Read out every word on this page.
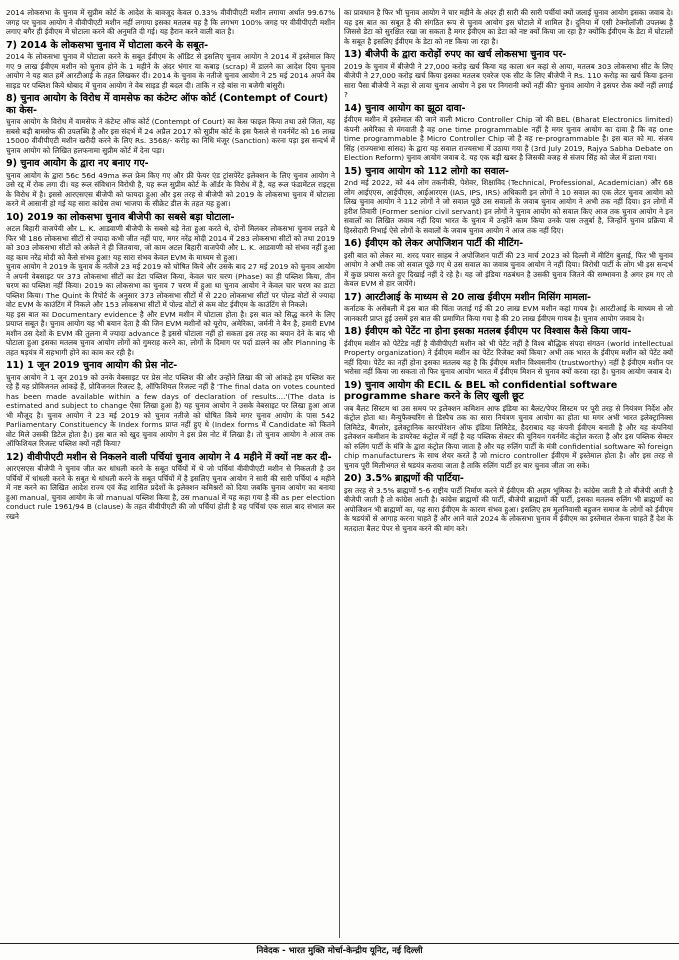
2014 लोकसभा के चुनाव में सुप्रीम कोर्ट के आदेश के बावजूद केवल 0.33% वीवीपीएटी मशीन लगाया अर्थात 99.67% जगह पर चुनाव आयोग ने वीवीपीएटी मशीन नहीं लगाया इसका मतलब यह है कि लगभग 100% जगह पर वीवीपीएटी मशीन लगाए बगैर ही ईवीएम में घोटाला करने की अनुमति दी गई। यह हैरान करने वाली बात है।

7) 2014 के लोकसभा चुनाव में घोटाला करने के सबूत-

2014 के लोकसभा चुनाव में घोटाला करने के सबूत ईवीएम के ऑडिट से इसलिए चुनाव आयोग ने 2014 में इस्तेमाल किए गए 9 लाख ईवीएम मशीन को चुनाव होने के 1 महीने के अंदर भंगार या कबाड़ (scrap) में डालने का आदेश दिया चुनाव आयोग ने यह बात हमें आरटीआई के तहत लिखकर दी। 2014 के चुनाव के नतीजे चुनाव आयोग ने 25 मई 2014 अपने वेब साइड पर पब्लिश किये थोबाद में चुनाव आयोग ने वेब साइड ही बदल दी। ताकि न रहे बांस ना बजेगी बांसुरी।

8) चुनाव आयोग के विरोध में वामसेफ का कंटेम्ट ऑफ कोर्ट (Contempt of Court) का केस-

चुनाव आयोग के विरोध में वामसेफ ने कंटेम्ट ऑफ कोर्ट (Contempt of Court) का केस फाइल किया तथा उसे जिता, यह सबसे बड़ी बामसेफ की उपलब्धि है और इस संदर्भ में 24 अप्रैल 2017 को सुप्रीम कोर्ट के इस फैसले से गवर्नमेंट को 16 लाख 15000 वीवीपीएटी मशीन खरीदी करने के लिए Rs. 3568/- करोड़ का निधि मंजूर (Sanction) करना पड़ा इस सन्दर्भ में चुनाव आयोग को लिखित हलफनामा सुप्रीम कोर्ट में देना पड़ा।

9) चुनाव आयोग के द्वारा नए बनाए गए-

चुनाव आयोग के द्वारा 56c 56d 49ma रूल फ्रेम किए गए और फ्री फेयर एंड ट्रांसपेरेंट इलेक्शन के लिए चुनाव आयोग ने उसे रद्द में रोक लगा दी। यह रूल संविधान विरोधी है, यह रूल सुप्रीम कोर्ट के ऑर्डर के विरोध में है, यह रूल फंडामेंटल राइट्स के विरोध में है। इससे आरएसएस बीजेपी को फायदा हुआ और इस तरह से बीजेपी को 2019 के लोकसभा चुनाव में घोटाला करने में आसानी हो गई यह सारा कांग्रेस तथा भाजपा के सीक्रेट डील के तहत यह हुआ।

10) 2019 का लोकसभा चुनाव बीजेपी का सबसे बड़ा घोटाला-

अटल बिहारी वाजपेयी और L. K. आडवाणी बीजेपी के सबसे बड़े नेता हुआ करते थे, दोनों मिलकर लोकसभा चुनाव लड़ते थे फिर भी 186 लोकसभा सीटों से ज्यादा कभी जीत नहीं पाए, मगर नरेंद्र मोदी 2014 में 283 लोकसभा सीटों को तथा 2019 को 303 लोकसभा सीटों को अकेले ने ही जितवाया, जो काम अटल बिहारी वाजपेयी और L. K. आडवाणी को संभव नहीं हुआ वह काम नरेंद्र मोदी को कैसे संभव हुआ! यह सारा संभव केवल EVM के माध्यम से हुआ।

चुनाव आयोग ने 2019 के चुनाव के नतीजे 23 मई 2019 को घोषित किये और उसके बाद 27 मई 2019 को चुनाव आयोग ने अपनी वेबसाइट पर 373 लोकसभा सीटों का डेटा पब्लिश किया, केवल चार चरण (Phase) का ही पब्लिश किया, तीन चरण का पब्लिश नहीं किया। 2019 का लोकसभा का चुनाव 7 चरण में हुआ था चुनाव आयोग ने केवल चार चरण का डाटा पब्लिश किया। The Quint के रिपोर्ट के अनुसार 373 लोकसभा सीटों में से 220 लोकसभा सीटों पर पोल्ड वोटों से ज्यादा वोट EVM के काउंटिंग में निकले और 153 लोकसभा सीटों में पोल्ड वोटों से कम वोट ईवीएम के काउंटिंग से निकले।

यह इस बात का Documentary evidence है और EVM मशीन में घोटाला होता है। इस बात को सिद्ध करने के लिए प्रयाप्त सबूत है। चुनाव आयोग यह भी बयान देता है की जिन EVM मशीनों को यूरोप, अमेरिका, जर्मनी ने बैन है, हमारी EVM मशीन उस देशों के EVM की तुलना में ज्यादा advance है इससे घोटाला नहीं हो सकता इस तरह का बयान देने के बाद भी घोटाला हुआ इसका मतलब चुनाव आयोग लोगों को गुमराह करने का, लोगों के दिमाग पर पर्दा डालने का और Planning के तहत षड़यंत्र में सहभागी होने का काम कर रही है।

11) 1 जून 2019 चुनाव आयोग की प्रेस नोट-

चुनाव आयोग ने 1 जून 2019 को उनके वेबसाइट पर प्रेस नोट पब्लिश की और उन्होंने लिखा की जो आंकड़े हम पब्लिश कर रहे हैं यह प्रोविजनल आंकड़े हैं, प्रोविजनल रिजल्ट है, ऑफिशियल रिजल्ट नहीं है 'The final data on votes counted has been made available within a few days of declaration of results....'(The data is estimated and subject to change ऐसा लिखा हुआ है) यह चुनाव आयोग ने उसके वेबसाइट पर लिखा हुआ आज भी मौजूद है। चुनाव आयोग ने 23 मई 2019 को चुनाव नतीजे को घोषित किये मगर चुनाव आयोग के पास 542 Parliamentary Constituency के Index forms प्राप्त नहीं हुए थे (Index forms में Candidate को कितने वोट मिले उसकी डिटेल होता है।) इस बात को खुद चुनाव आयोग ने इस प्रेस नोट में लिखा है। तो चुनाव आयोग ने आज तक ऑफिशियल रिजल्ट पब्लिश क्यों नहीं किया?

12) वीवीपीएटी मशीन से निकलने वाली पर्चियां चुनाव आयोग ने 4 महीने में क्यों नष्ट कर दी-

आरएसएस बीजेपी ने चुनाव जीत कर धांधली करने के सबूत पर्चियों में थे जो पर्चियां वीवीपीएटी मशीन से निकलती है उन पर्चियों में धांधली करने के सबूत थे धांधली करने के सबूत पर्चियों में है इसलिए चुनाव आयोग ने सारी की सारी पर्चियां 4 महीने में नष्ट करने का लिखित आदेश राज्य एवं केंद्र शासित प्रदेशों के इलेक्शन कमिश्नरों को दिया जबकि चुनाव आयोग का बनाया हुआ manual, चुनाव आयोग के जो manual पब्लिश किया है, उस manual में यह कहा गया है की as per election conduct rule 1961/94 B (clause) के तहत वीवीपीएटी की जो पर्चियां होती है वह पर्चियां एक साल बाद संभाल कर रखने

का प्रावधान है फिर भी चुनाव आयोग ने चार महीने के अंदर ही सारी की सारी पर्चीयां क्यों जलाई चुनाव आयोग इसका जवाब दे। यह इस बात का सबूत है की संगठित रूप से चुनाव आयोग इस घोटाले में शामिल है। दुनिया में एसी टेक्नोलॉजी उपलब्ध है जिससे डेटा को सुरक्षित रखा जा सकता है मगर ईवीएम का डेटा को नष्ट क्यों किया जा रहा है? क्योंकि ईवीएम के डेटा में घोटालों के सबूत है इसलिए ईवीएम के डेटा को नष्ट किया जा रहा है।

13) बीजेपी के द्वारा करोड़ों रुपए का खर्च लोकसभा चुनाव पर-

2019 के चुनाव में बीजेपी ने 27,000 करोड़ खर्च किया यह काला धन कहां से आया, मतलब 303 लोकसभा सीट के लिए बीजेपी ने 27,000 करोड़ खर्च किया इसका मतलब एवरेज एक सीट के लिए बीजेपी ने Rs. 110 करोड़ का खर्च किया इतना सारा पैसा बीजेपी ने कहा से लाया चुनाव आयोग ने इस पर निगरानी क्यों नहीं की? चुनाव आयोग ने इसपर रोक क्यों नहीं लगाई ?

14) चुनाव आयोग का झूठा दावा-

ईवीएम मशीन में इस्तेमाल की जाने वाली Micro Controller Chip जो की BEL (Bharat Electronics limited) कंपनी अमेरिका से मंगवाती है वह one time programmable नहीं है मगर चुनाव आयोग का दावा है कि वह one time programmable है Micro Controller Chip जो है वह re-programmable है। इस बात को मा. संजय सिंह (राज्यसभा सांसद) के द्वारा यह सवाल राज्यसभा में उठाया गया है (3rd July 2019, Rajya Sabha Debate on Election Reform) चुनाव आयोग जवाब दे. यह एक बड़ी खबर है जिसकी वजह से संजय सिंह को जेल में डाला गया।

15) चुनाव आयोग को 112 लोगो का सवाल-

2nd मई 2022, को 44 लोग तकनीकी, पेशेवर, शिक्षाविद (Technical, Professional, Academician) और 68 लोग आईएएस, आईपीएस, आईआरएस (IAS, IPS, IRS) अधिकारी इन लोगों ने 10 सवाल का एक लेटर चुनाव आयोग को लिख चुनाव आयोग ने 112 लोगों ने जो सवाल पूछे उस सवालों के जवाब चुनाव आयोग ने अभी तक नहीं दिया। इन लोगों में हरीश तिवारी (Former senior civil servant) इन लोगों ने चुनाव आयोग को सवाल किए आज तक चुनाव आयोग ने इन सवालों का लिखित जवाब नहीं दिया भारत के चुनाव में उन्होंने काम किया उनके पास तजुर्बा है, जिन्होंने चुनाव प्रक्रिया में हिस्सेदारी निभाई ऐसे लोगों के सवालों के जवाब चुनाव आयोग ने आज तक नहीं दिए।

16) ईवीएम को लेकर अपोजिशन पार्टी की मीटिंग-

इसी बात को लेकर मा. शरद पवार साहब ने अपोजिशन पार्टी की 23 मार्च 2023 को दिल्ली में मीटिंग बुलाई, फिर भी चुनाव आयोग ने अभी तक जो सवाल पूछे गए थे उस सवाल का जवाब चुनाव आयोग ने नहीं दिया। विरोधी पार्टी के लोग भी इस सन्दर्भ में कुछ प्रयास करते हुए दिखाई नहीं दे रहे है। यह जो इंडिया गठबंधन है उसकी चुनाव जितने की सम्भावना है अगर हम गए तो केवल EVM से हार जायेंगे।

17) आरटीआई के माध्यम से 20 लाख ईवीएम मशीन मिसिंग मामला-

कर्नाटक के असेंबली में इस बात की चिंता जताई गई की 20 लाख EVM मशीन कहां गायब है। आरटीआई के माध्यम से जो जानकारी प्राप्त हुई उसमें इस बात की प्रमाणित किया गया है की 20 लाख ईवीएम गायब है। चुनाव आयोग जवाब दे।

18) ईवीएम को पेटेंट ना होना इसका मतलब ईवीएम पर विश्वास कैसे किया जाय-

ईवीएम मशीन को पेटेंटेड नहीं है वीवीपीएटी मशीन को भी पेटेंट नहीं है विश्व बौद्धिक संपदा संगठन (world intellectual Property organization) ने ईवीएम मशीन का पेटेंट रिजेक्ट क्यों किया? अभी तक भारत के ईवीएम मशीन को पेटेंट क्यों नहीं दिया। पेटेंट का नहीं होना इसका मतलब यह है कि ईवीएम मशीन विश्वसनीय (trustworthy) नहीं है ईवीएम मशीन पर भरोसा नहीं किया जा सकता तो फिर चुनाव आयोग भारत में ईवीएम मिशन से चुनाव क्यों करवा रहा है। चुनाव आयोग जवाब दे।

19) चुनाव आयोग की ECIL & BEL को confidential software programme share करने के लिए खुली छूट

जब बैलट सिस्टम था उस समय पर इलेक्शन कमिशन आफ इंडिया का बैलट/पेपर सिस्टम पर पूरी तरह से नियंत्रण निर्देश और कंट्रोल होता था। मैन्युफैक्चरिंग से डिस्पैच तक का सारा नियंत्रण चुनाव आयोग का होता था मगर अभी भारत इलेक्ट्रानिक्स लिमिटेड, बैंगलोर, इलेक्ट्रानिक कारपोरेशन ऑफ इंडिया लिमिटेड, हैदराबाद यह कंपनी ईवीएम बनाती है और यह कंपनियां इलेक्शन कमीशन के डायरेक्ट कंट्रोल में नहीं है यह पब्लिक सेक्टर की यूनियन गवर्नमेंट कंट्रोल करता है और इस पब्लिक सेक्टर को रुलिंग पार्टी के मंत्रि के द्वारा कंट्रोल किया जाता है और यह रुलिंग पार्टी के मंत्री confidential software को foreign chip manufacturers के साथ शेयर करते है जो micro controller ईवीएम में इस्तेमाल होता है। और इस तरह से चुनाव पूरी मिलीभगत से षडयंत्र कराया जाता है ताकि रुलिंग पार्टी हर बार चुनाव जीता जा सके।

20) 3.5% ब्राह्मणों की पार्टिया-

इस तरह से 3.5% ब्राह्मणों 5-6 राष्ट्रीय पार्टी निर्माण करने में ईवीएम की अहम भूमिका है। कांग्रेस जाती है तो बीजेपी आती है बीजेपी जाती है तो कांग्रेस आती है। कांग्रेस ब्राह्मणों की पार्टी, बीजेपी ब्राह्मणों की पार्टी, इसका मतलब रुलिंग भी ब्राह्मणों का अपोजिशन भी ब्राह्मणों का, यह सारा ईवीएम के कारण संभव हुआ। इसलिए हम मूलनिवासी बहुजन समाज के लोगों को ईवीएम के षडयंत्रों से आगाह करना चाहते हैं और आने वाले 2024 के लोकसभा चुनाव में ईवीएम का इस्तेमाल रोकना चाहते हैं देश के मतदाता बैलट पेपर से चुनाव करने की मांग करे।

निवेदक - भारत मुक्ति मोर्चा-केन्द्रीय यूनिट, नई दिल्ली
